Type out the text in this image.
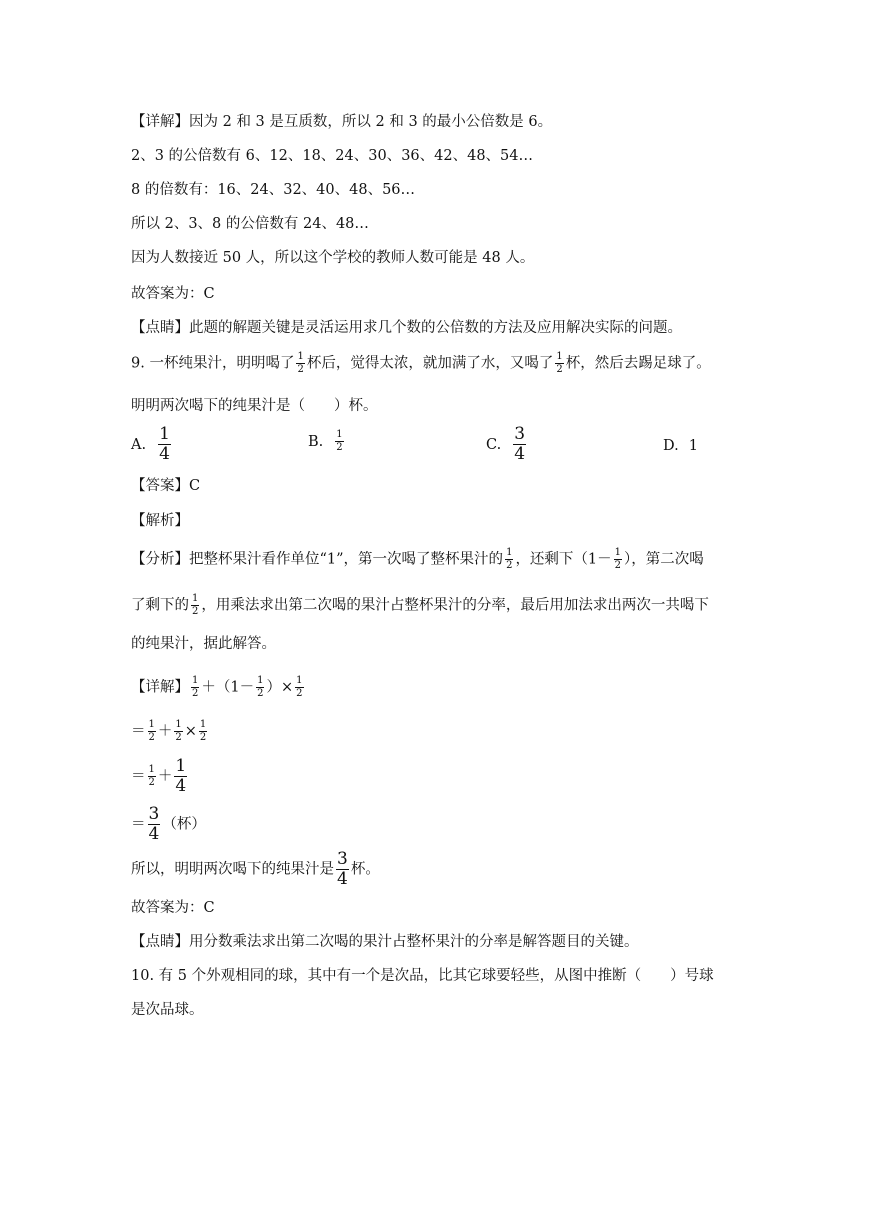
【详解】因为 2 和 3 是互质数，所以 2 和 3 的最小公倍数是 6。
2、3 的公倍数有 6、12、18、24、30、36、42、48、54…
8 的倍数有：16、24、32、40、48、56…
所以 2、3、8 的公倍数有 24、48…
因为人数接近 50 人，所以这个学校的教师人数可能是 48 人。
故答案为：C
【点睛】此题的解题关键是灵活运用求几个数的公倍数的方法及应用解决实际的问题。
9. 一杯纯果汁，明明喝了 $\frac{1}{2}$ 杯后，觉得太浓，就加满了水，又喝了 $\frac{1}{2}$ 杯，然后去踢足球了。
明明两次喝下的纯果汁是（　　）杯。
A. $\frac{1}{4}$	B. $\frac{1}{2}$	C. $\frac{3}{4}$	D. 1
【答案】C
【解析】
【分析】把整杯果汁看作单位“1”，第一次喝了整杯果汁的 $\frac{1}{2}$ ，还剩下（$1- \frac{1}{2}$ ），第二次喝
了剩下的 $\frac{1}{2}$ ，用乘法求出第二次喝的果汁占整杯果汁的分率，最后用加法求出两次一共喝下
的纯果汁，据此解答。
【详解】 $\frac{1}{2} +(1- \frac{1}{2}$ ）× $\frac{1}{2}$
＝ $\frac{1}{2} + \frac{1}{2} \times \frac{1}{2}$
＝ $\frac{1}{2} + \frac{1}{4}$
＝ $\frac{3}{4}$ （杯）
所以，明明两次喝下的纯果汁是 $\frac{3}{4}$ 杯。
故答案为：C
【点睛】用分数乘法求出第二次喝的果汁占整杯果汁的分率是解答题目的关键。
10. 有 5 个外观相同的球，其中有一个是次品，比其它球要轻些，从图中推断（　　）号球
是次品球。
